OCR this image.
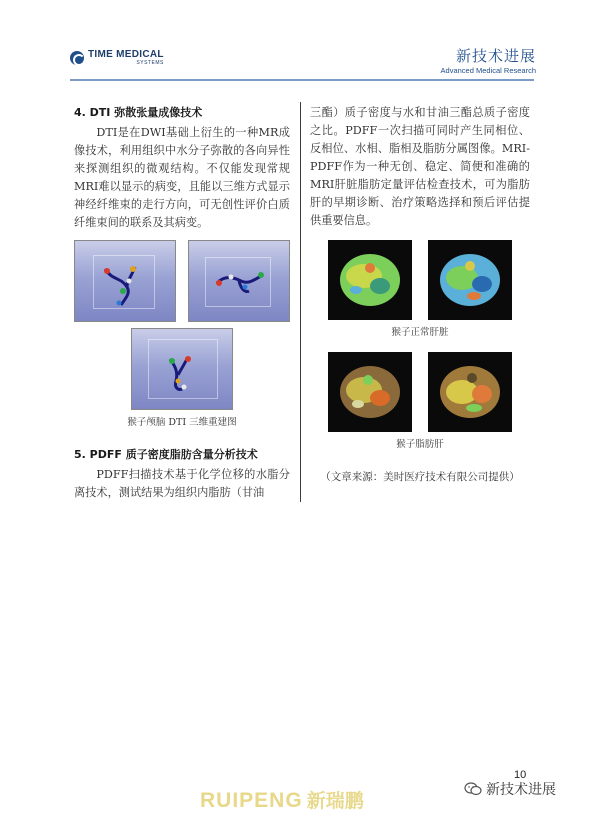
TIME MEDICAL
SYSTEMS	新技术进展
Advanced Medical Research
4. DTI 弥散张量成像技术

DTI是在DWI基础上衍生的一种MR成像技术，利用组织中水分子弥散的各向异性来探测组织的微观结构。不仅能发现常规MRI难以显示的病变，且能以三维方式显示神经纤维束的走行方向，可无创性评价白质纤维束间的联系及其病变。

猴子颅脑 DTI 三维重建图
5. PDFF 质子密度脂肪含量分析技术

PDFF扫描技术基于化学位移的水脂分离技术，测试结果为组织内脂肪（甘油

三酯）质子密度与水和甘油三酯总质子密度之比。PDFF一次扫描可同时产生同相位、反相位、水相、脂相及脂肪分属图像。MRI-PDFF作为一种无创、稳定、简便和准确的MRI肝脏脂肪定量评估检查技术，可为脂肪肝的早期诊断、治疗策略选择和预后评估提供重要信息。

猴子正常肝脏
猴子脂肪肝
（文章来源：美时医疗技术有限公司提供）
10
RUIPENG 新瑞鹏	新技术进展
